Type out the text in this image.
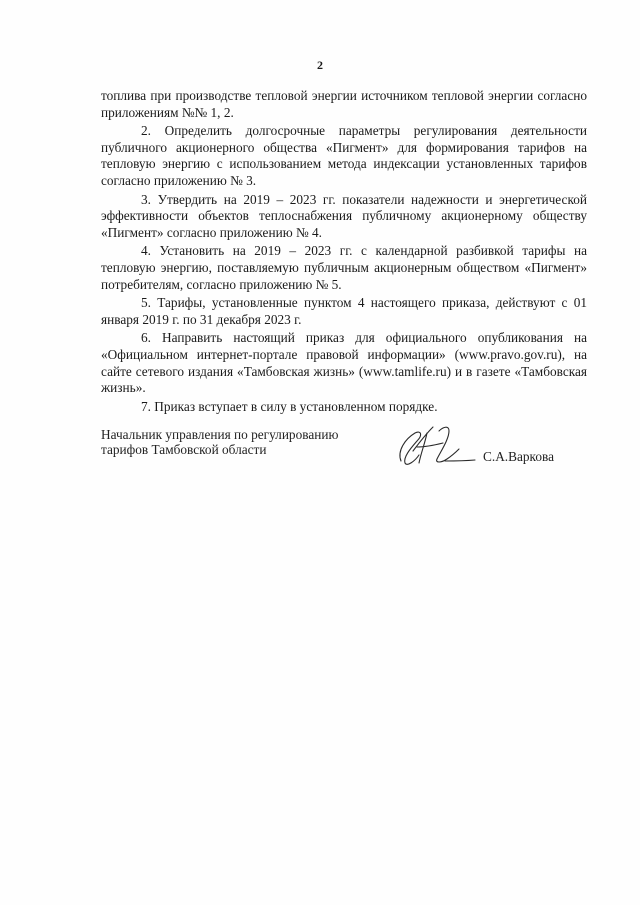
2

топлива при производстве тепловой энергии источником тепловой энергии согласно приложениям №№ 1, 2.

2. Определить долгосрочные параметры регулирования деятельности публичного акционерного общества «Пигмент» для формирования тарифов на тепловую энергию с использованием метода индексации установленных тарифов согласно приложению № 3.

3. Утвердить на 2019 – 2023 гг. показатели надежности и энергетической эффективности объектов теплоснабжения публичному акционерному обществу «Пигмент» согласно приложению № 4.

4. Установить на 2019 – 2023 гг. с календарной разбивкой тарифы на тепловую энергию, поставляемую публичным акционерным обществом «Пигмент» потребителям, согласно приложению № 5.

5. Тарифы, установленные пунктом 4 настоящего приказа, действуют с 01 января 2019 г. по 31 декабря 2023 г.

6. Направить настоящий приказ для официального опубликования на «Официальном интернет-портале правовой информации» (www.pravo.gov.ru), на сайте сетевого издания «Тамбовская жизнь» (www.tamlife.ru) и в газете «Тамбовская жизнь».

7. Приказ вступает в силу в установленном порядке.

Начальник управления по регулированию тарифов Тамбовской области	С.А.Варкова
